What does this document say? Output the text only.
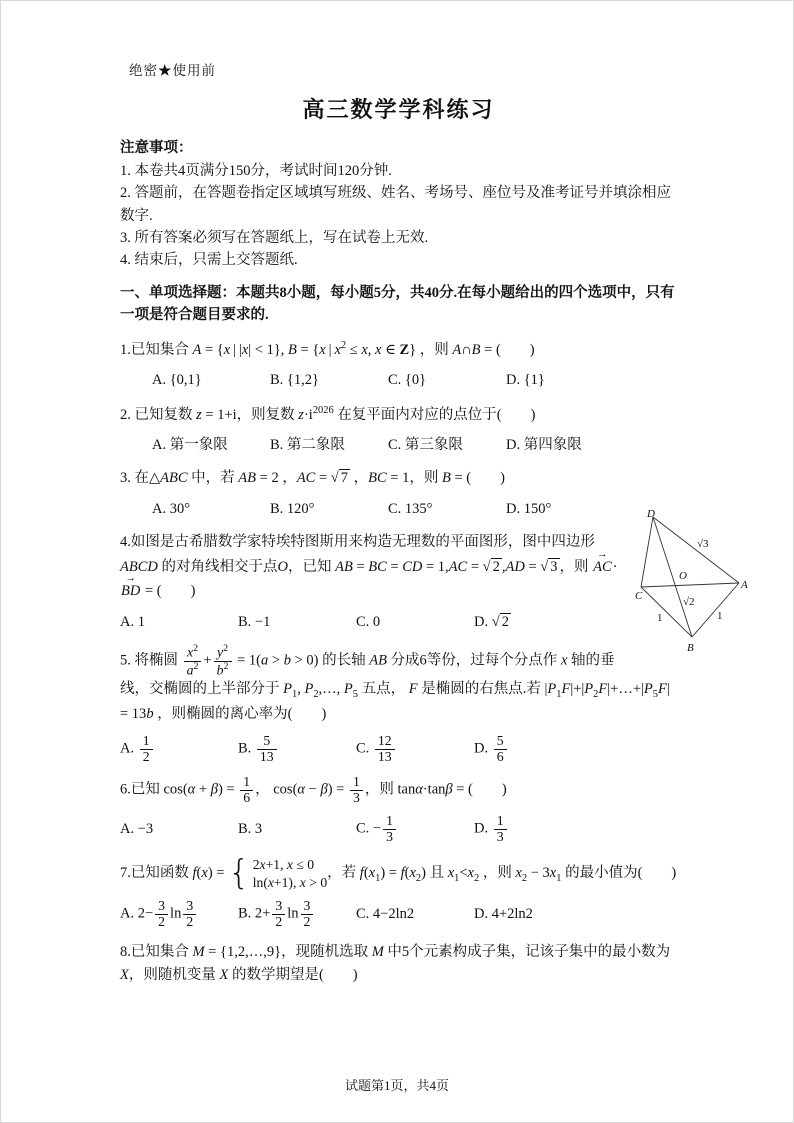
绝密★使用前
高三数学学科练习

注意事项：

1. 本卷共4页满分150分，考试时间120分钟.

2. 答题前，在答题卷指定区域填写班级、姓名、考场号、座位号及准考证号并填涂相应数字.

3. 所有答案必须写在答题纸上，写在试卷上无效.

4. 结束后，只需上交答题纸.

一、单项选择题：本题共8小题，每小题5分，共40分.在每小题给出的四个选项中，只有一项是符合题目要求的.

1.已知集合 A = {x | |x| < 1}, B = {x | $x^2 \le x$, x ∈ Z} ，则 A∩B = (　　)

A. {0,1}	B. {1,2}	C. {0}	D. {1}

2. 已知复数 z = 1+i，则复数 $z\cdot i^{2026}$ 在复平面内对应的点位于(　　)

A. 第一象限	B. 第二象限	C. 第三象限	D. 第四象限

3. 在△ABC 中，若 AB = 2 ，AC = √ 7 ，BC = 1，则 B = (　　)

A. 30°	B. 120°	C. 135°	D. 150°	D
C
A
B
O
√3
√2
1	1

4.如图是古希腊数学家特埃特图斯用来构造无理数的平面图形，图中四边形 ABCD 的对角线相交于点O，已知 AB = BC = CD = 1,AC = √ 2 ,AD = √ 3 ，则 AC →·BD → = (　　)

A. 1	B. −1	C. 0	D. √ 2

5. 将椭圆 $\frac{x^2}{a^2} + \frac{y^2}{b^2} = 1(a > b > 0)$ 的长轴 AB 分成6等份，过每个分点作 x 轴的垂线，交椭圆的上半部分于 $P_1$, $P_2,\dots$, $P_5$ 五点， F 是椭圆的右焦点.若 $|P_1F|+|P_2F|+\dots+|P_5F| = 13b$ ，则椭圆的离心率为(　　)

A. $\frac{1}{2}$	B. $\frac{5}{13}$	C. $\frac{12}{13}$	D. $\frac{5}{6}$

6.已知 $\cos(\alpha + \beta) = \frac{1}{6}$ ， $\cos(\alpha - \beta) = \frac{1}{3}$ ，则 tanα·tanβ = (　　)

A. −3	B. 3	C. − $\frac{1}{3}$	D. $\frac{1}{3}$

7.已知函数 f(x) = { 2x+1, x ≤ 0
ln(x+1), x > 0
，若 $f(x_1) = f(x_2)$ 且 $x_1<x_2$ ，则 $x_2 - 3x_1$ 的最小值为(　　)

A. $2- \frac{3}{2}$ $\ln \frac{3}{2}$	B. $2+ \frac{3}{2}$ $\ln \frac{3}{2}$	C. 4−2ln2	D. 4+2ln2

8.已知集合 M = {1,2,…,9}，现随机选取 M 中5个元素构成子集，记该子集中的最小数为 X，则随机变量 X 的数学期望是(　　)

试题第1页，共4页
